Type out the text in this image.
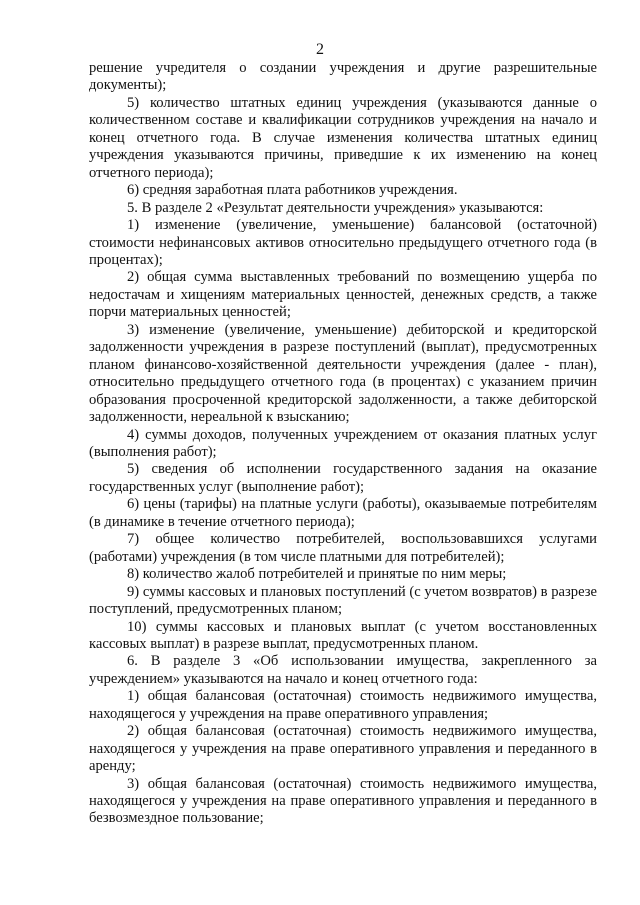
2

решение учредителя о создании учреждения и другие разрешительные документы);

5) количество штатных единиц учреждения (указываются данные о количественном составе и квалификации сотрудников учреждения на начало и конец отчетного года. В случае изменения количества штатных единиц учреждения указываются причины, приведшие к их изменению на конец отчетного периода);

6) средняя заработная плата работников учреждения.

5. В разделе 2 «Результат деятельности учреждения» указываются:

1) изменение (увеличение, уменьшение) балансовой (остаточной) стоимости нефинансовых активов относительно предыдущего отчетного года (в процентах);

2) общая сумма выставленных требований по возмещению ущерба по недостачам и хищениям материальных ценностей, денежных средств, а также порчи материальных ценностей;

3) изменение (увеличение, уменьшение) дебиторской и кредиторской задолженности учреждения в разрезе поступлений (выплат), предусмотренных планом финансово-хозяйственной деятельности учреждения (далее - план), относительно предыдущего отчетного года (в процентах) с указанием причин образования просроченной кредиторской задолженности, а также дебиторской задолженности, нереальной к взысканию;

4) суммы доходов, полученных учреждением от оказания платных услуг (выполнения работ);

5) сведения об исполнении государственного задания на оказание государственных услуг (выполнение работ);

6) цены (тарифы) на платные услуги (работы), оказываемые потребителям (в динамике в течение отчетного периода);

7) общее количество потребителей, воспользовавшихся услугами (работами) учреждения (в том числе платными для потребителей);

8) количество жалоб потребителей и принятые по ним меры;

9) суммы кассовых и плановых поступлений (с учетом возвратов) в разрезе поступлений, предусмотренных планом;

10) суммы кассовых и плановых выплат (с учетом восстановленных кассовых выплат) в разрезе выплат, предусмотренных планом.

6. В разделе 3 «Об использовании имущества, закрепленного за учреждением» указываются на начало и конец отчетного года:

1) общая балансовая (остаточная) стоимость недвижимого имущества, находящегося у учреждения на праве оперативного управления;

2) общая балансовая (остаточная) стоимость недвижимого имущества, находящегося у учреждения на праве оперативного управления и переданного в аренду;

3) общая балансовая (остаточная) стоимость недвижимого имущества, находящегося у учреждения на праве оперативного управления и переданного в безвозмездное пользование;
